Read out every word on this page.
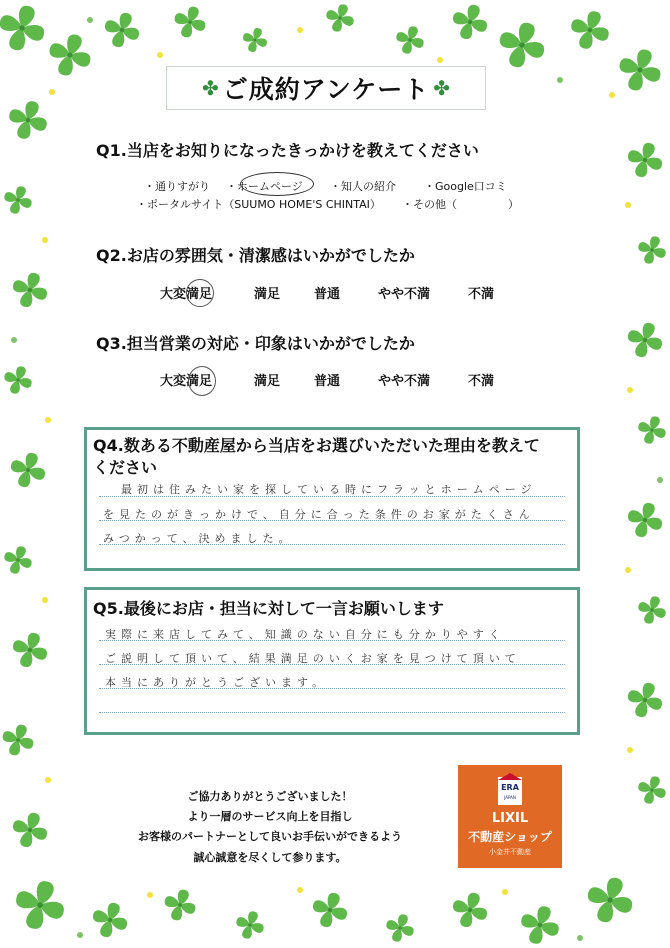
✤ ご成約アンケート ✤
Q1.当店をお知りになったきっかけを教えてください
・通りすがり ・ホームページ ・知人の紹介	・Google口コミ
・ポータルサイト（SUUMO HOME'S CHINTAI） ・その他（	）
Q2.お店の雰囲気・清潔感はいかがでしたか
大変満足	満足	普通	やや不満	不満
Q3.担当営業の対応・印象はいかがでしたか
大変満足	満足	普通	やや不満	不満
Q4.数ある不動産屋から当店をお選びいただいた理由を教えて
ください
最初は住みたい家を探している時にフラッとホームページ
を見たのがきっかけで、自分に合った条件のお家がたくさん
みつかって、決めました。
Q5.最後にお店・担当に対して一言お願いします
実際に来店してみて、知識のない自分にも分かりやすく
ご説明して頂いて、結果満足のいくお家を見つけて頂いて
本当にありがとうございます。
ご協力ありがとうございました！
より一層のサービス向上を目指し
お客様のパートナーとして良いお手伝いができるよう
誠心誠意を尽くして参ります。
ERA
JAPAN
LIXIL
不動産ショップ
小金井不動産
